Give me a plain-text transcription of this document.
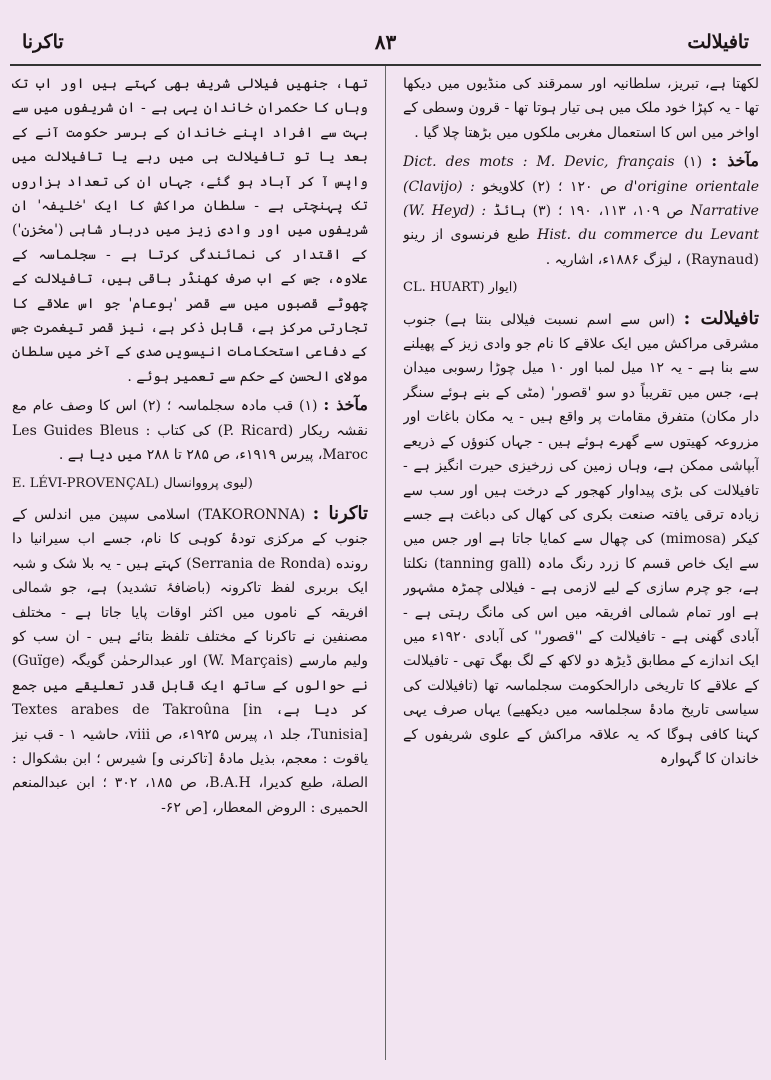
تافیلالت
۸۳
تاکرنا

لکھتا ہے، تبریز، سلطانیہ اور سمرقند کی منڈیوں میں دیکھا تھا - یہ کپڑا خود ملک میں ہی تیار ہوتا تھا - قرون وسطی کے اواخر میں اس کا استعمال مغربی ملکوں میں بڑھتا چلا گیا .

مآخذ : (۱) Dict. des mots : M. Devic, français d'origine orientale ص ۱۲۰ ؛ (۲) کلاویخو (Clavijo) : Narrative ص ۱۰۹، ۱۱۳، ۱۹۰ ؛ (۳) ہائڈ (W. Heyd) : Hist. du commerce du Levant طبع فرنسوی از رینو (Raynaud) ، لیزگ ۱۸۸۶ء، اشاریہ .

(ایوار CL. HUART)

تافیلالت : (اس سے اسم نسبت فیلالی بنتا ہے) جنوب مشرقی مراکش میں ایک علاقے کا نام جو وادی زیز کے پھیلنے سے بنا ہے - یہ ۱۲ میل لمبا اور ۱۰ میل چوڑا رسوبی میدان ہے، جس میں تقریباً دو سو 'قصور' (مٹی کے بنے ہوئے سنگر دار مکان) متفرق مقامات پر واقع ہیں - یہ مکان باغات اور مزروعہ کھیتوں سے گھرے ہوئے ہیں - جہاں کنوؤں کے ذریعے آبپاشی ممکن ہے، وہاں زمین کی زرخیزی حیرت انگیز ہے - تافیلالت کی بڑی پیداوار کھجور کے درخت ہیں اور سب سے زیادہ ترقی یافتہ صنعت بکری کی کھال کی دباغت ہے جسے کیکر (mimosa) کی چھال سے کمایا جاتا ہے اور جس میں سے ایک خاص قسم کا زرد رنگ مادہ (tanning gall) نکلتا ہے، جو چرم سازی کے لیے لازمی ہے - فیلالی چمڑہ مشہور ہے اور تمام شمالی افریقہ میں اس کی مانگ رہتی ہے - آبادی گھنی ہے - تافیلالت کے ''قصور'' کی آبادی ۱۹۲۰ء میں ایک اندازے کے مطابق ڈیڑھ دو لاکھ کے لگ بھگ تھی - تافیلالت کے علاقے کا تاریخی دارالحکومت سجلماسہ تھا (تافیلالت کی سیاسی تاریخ مادۂ سجلماسہ میں دیکھیے) یہاں صرف یہی کہنا کافی ہوگا کہ یہ علاقہ مراکش کے علوی شریفوں کے خاندان کا گہوارہ

تھا، جنھیں فیلالی شریف بھی کہتے ہیں اور اب تک وہاں کا حکمران خاندان یہی ہے - ان شریفوں میں سے بہت سے افراد اپنے خاندان کے برسر حکومت آنے کے بعد یا تو تافیلالت ہی میں رہے یا تافیلالت میں واپس آ کر آباد ہو گئے، جہاں ان کی تعداد ہزاروں تک پہنچتی ہے - سلطان مراکش کا ایک 'خلیفہ' ان شریفوں میں اور وادی زیز میں دربار شاہی ('مخزن') کے اقتدار کی نمائندگی کرتا ہے - سجلماسہ کے علاوہ، جس کے اب صرف کھنڈر باقی ہیں، تافیلالت کے چھوٹے قصبوں میں سے قصر 'بوعام' جو اس علاقے کا تجارتی مرکز ہے، قابل ذکر ہے، نیز قصر تیغمرت جس کے دفاعی استحکامات انیسویں صدی کے آخر میں سلطان مولای الحسن کے حکم سے تعمیر ہوئے .

مآخذ : (۱) قب مادہ سجلماسہ ؛ (۲) اس کا وصف عام مع نقشہ ریکار (P. Ricard) کی کتاب Les Guides Bleus : Maroc، پیرس ۱۹۱۹ء، ص ۲۸۵ تا ۲۸۸ میں دیا ہے .

(لیوی پرووانسال E. LÉVI-PROVENÇAL)

تاکرنا : (TAKORONNA) اسلامی سپین میں اندلس کے جنوب کے مرکزی تودۂ کوہی کا نام، جسے اب سیرانیا دا رونده (Serrania de Ronda) کہتے ہیں - یہ بلا شک و شبہ ایک بربری لفظ تاکرونہ (باضافۂ تشدید) ہے، جو شمالی افریقہ کے ناموں میں اکثر اوقات پایا جاتا ہے - مختلف مصنفین نے تاکرنا کے مختلف تلفظ بتائے ہیں - ان سب کو ولیم مارسے (W. Marçais) اور عبدالرحمٰن گویگہ (Guïge) نے حوالوں کے ساتھ ایک قابل قدر تعلیقے میں جمع کر دیا ہے، Textes arabes de Takroûna [in Tunisia]، جلد ۱، پیرس ۱۹۲۵ء، ص viii، حاشیہ ۱ - قب نیز یاقوت : معجم، بذیل مادۂ [تاکرنی و] شیرس ؛ ابن بشکوال : الصلة، طبع کدیرا، B.A.H، ص ۱۸۵، ۳۰۲ ؛ ابن عبدالمنعم الحمیری : الروض المعطار، [ص ۶۲-
